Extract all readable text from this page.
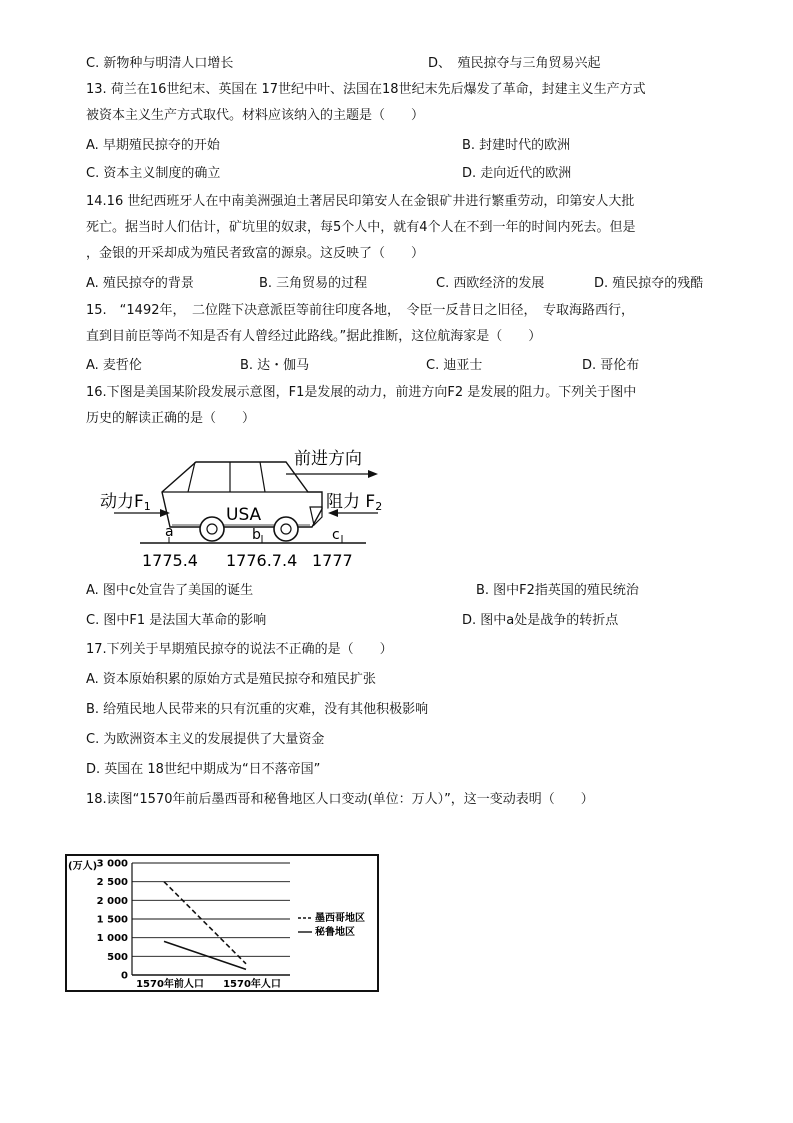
C. 新物种与明清人口增长	D、　殖民掠夺与三角贸易兴起
13. 荷兰在16世纪末、英国在 17世纪中叶、法国在18世纪末先后爆发了革命，封建主义生产方式
被资本主义生产方式取代。材料应该纳入的主题是（　　）
A. 早期殖民掠夺的开始	B. 封建时代的欧洲
C. 资本主义制度的确立	D. 走向近代的欧洲
14.16 世纪西班牙人在中南美洲强迫土著居民印第安人在金银矿井进行繁重劳动，印第安人大批
死亡。据当时人们估计，矿坑里的奴隶，每5个人中，就有4个人在不到一年的时间内死去。但是
，金银的开采却成为殖民者致富的源泉。这反映了（　　）
A. 殖民掠夺的背景	B. 三角贸易的过程	C. 西欧经济的发展	D. 殖民掠夺的残酷
15.　“1492年，　二位陛下决意派臣等前往印度各地，　令臣一反昔日之旧径，　专取海路西行，
直到目前臣等尚不知是否有人曾经过此路线。”据此推断，这位航海家是（　　）
A. 麦哲伦	B. 达・伽马	C. 迪亚士	D. 哥伦布
16.下图是美国某阶段发展示意图，F1是发展的动力，前进方向F2 是发展的阻力。下列关于图中
历史的解读正确的是（　　）
前进方向
USA
动力F1	阻力 F2
a	b	c
1775.4 1776.7.4 1777
A. 图中c处宣告了美国的诞生	B. 图中F2指英国的殖民统治
C. 图中F1 是法国大革命的影响	D. 图中a处是战争的转折点
17.下列关于早期殖民掠夺的说法不正确的是（　　）
A. 资本原始积累的原始方式是殖民掠夺和殖民扩张
B. 给殖民地人民带来的只有沉重的灾难，没有其他积极影响
C. 为欧洲资本主义的发展提供了大量资金
D. 英国在 18世纪中期成为“日不落帝国”
18.读图“1570年前后墨西哥和秘鲁地区人口变动(单位：万人）”，这一变动表明（　　）
3 000
2 500
2 000
1 500
1 000
500
0
1570年前人口 1570年人口
墨西哥地区
秘鲁地区
(万人)
